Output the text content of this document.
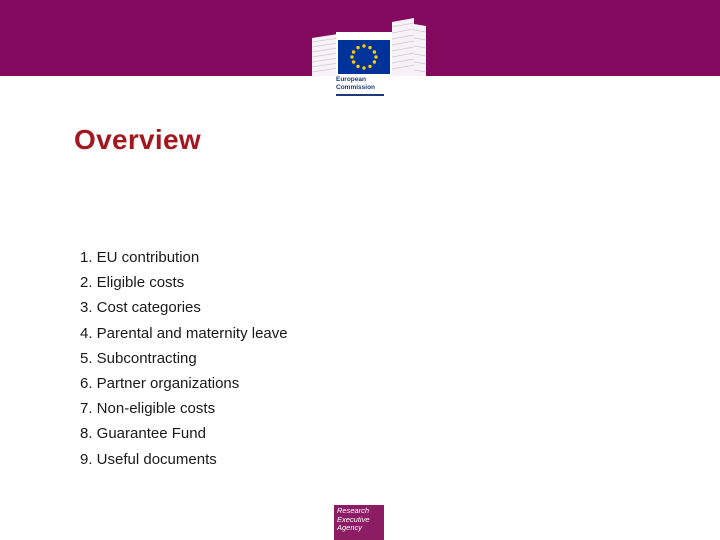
European
Commission
Overview
1. EU contribution
2. Eligible costs
3. Cost categories
4. Parental and maternity leave
5. Subcontracting
6. Partner organizations
7. Non-eligible costs
8. Guarantee Fund
9. Useful documents
Research
Executive
Agency
